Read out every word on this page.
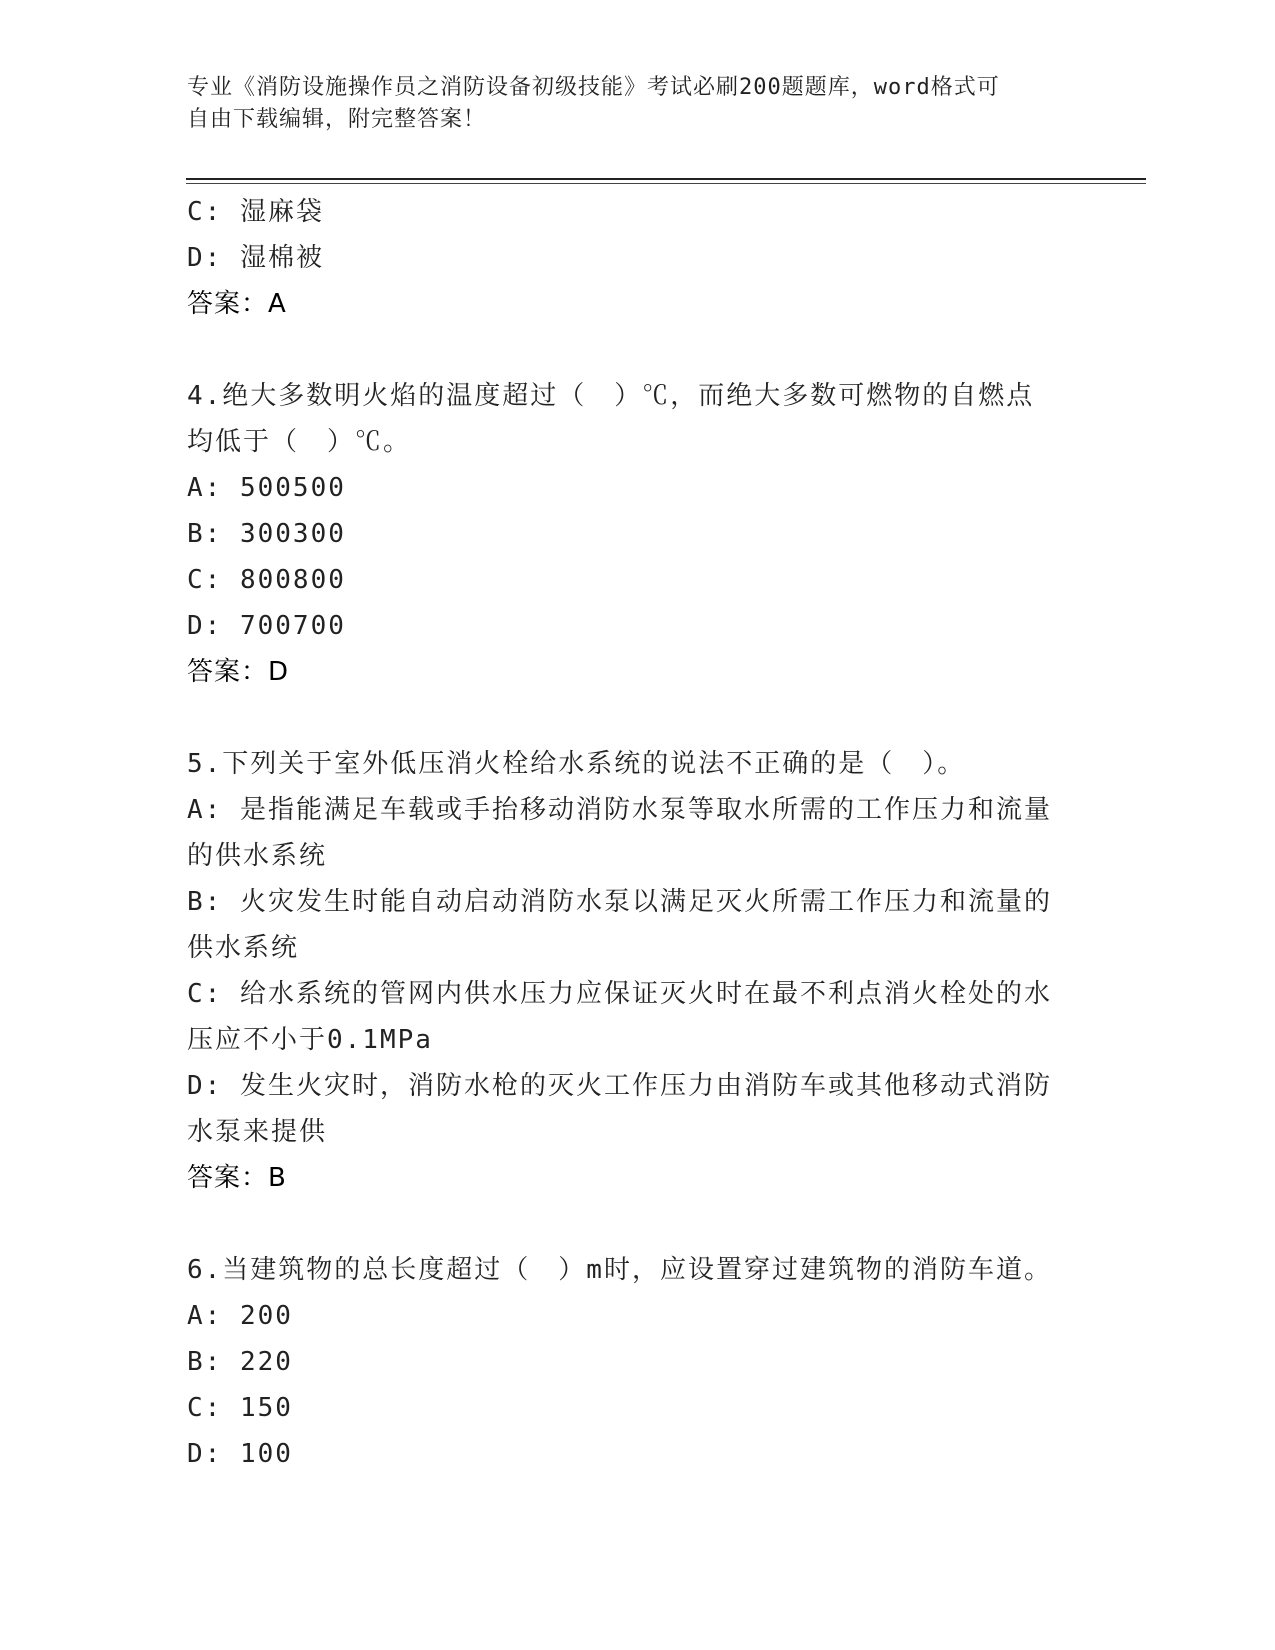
专业《消防设施操作员之消防设备初级技能》考试必刷200题题库，word格式可
自由下载编辑，附完整答案！
C: 湿麻袋
D: 湿棉被
答案：A
4.绝大多数明火焰的温度超过（　）℃，而绝大多数可燃物的自燃点
均低于（　）℃。
A: 500500
B: 300300
C: 800800
D: 700700
答案：D
5.下列关于室外低压消火栓给水系统的说法不正确的是（　）。
A: 是指能满足车载或手抬移动消防水泵等取水所需的工作压力和流量
的供水系统
B: 火灾发生时能自动启动消防水泵以满足灭火所需工作压力和流量的
供水系统
C: 给水系统的管网内供水压力应保证灭火时在最不利点消火栓处的水
压应不小于0.1MPa
D: 发生火灾时，消防水枪的灭火工作压力由消防车或其他移动式消防
水泵来提供
答案：B
6.当建筑物的总长度超过（　）m时，应设置穿过建筑物的消防车道。
A: 200
B: 220
C: 150
D: 100
